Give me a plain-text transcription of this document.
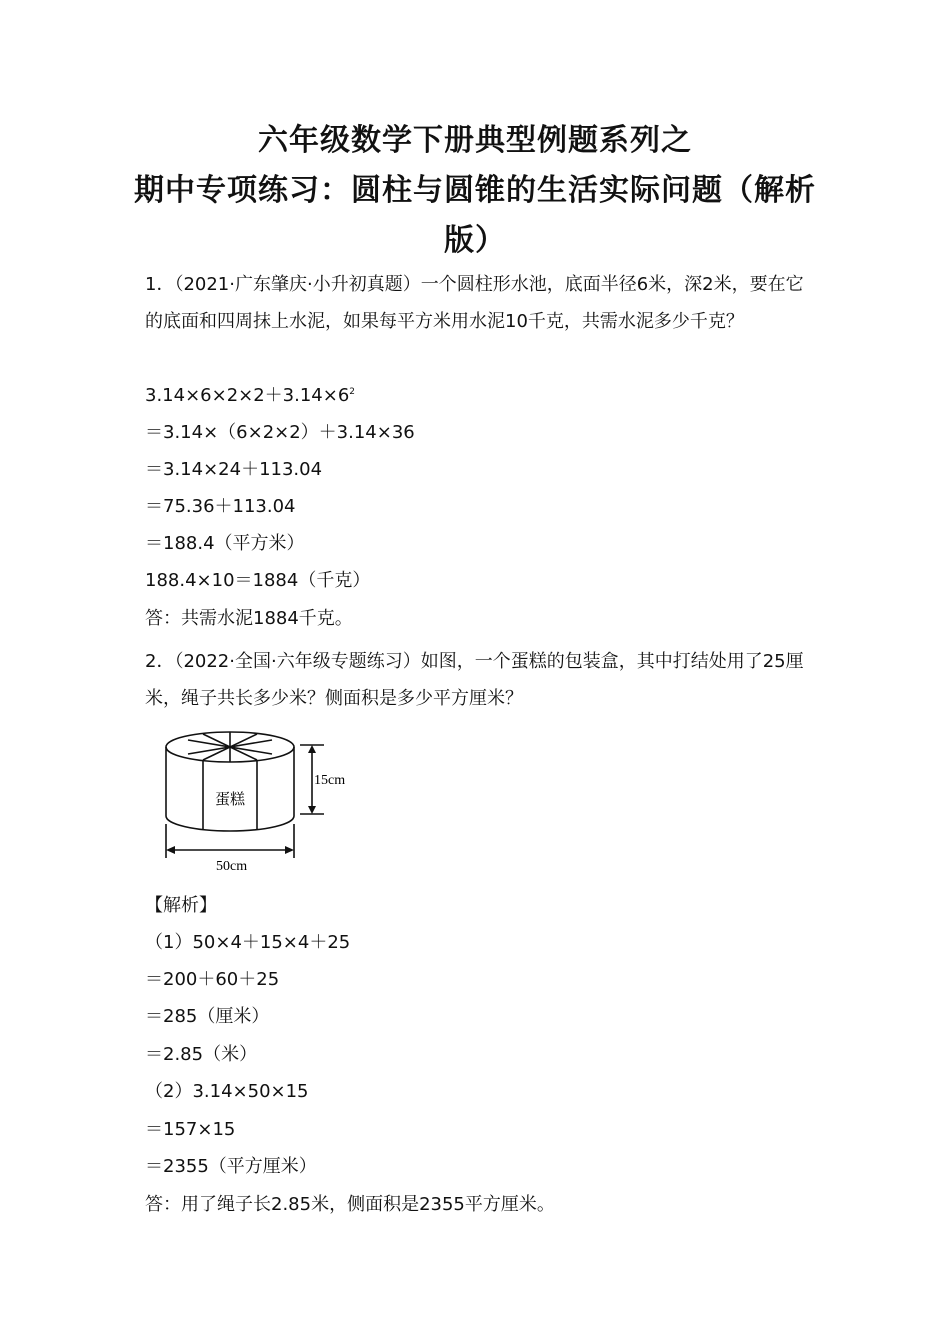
六年级数学下册典型例题系列之
期中专项练习：圆柱与圆锥的生活实际问题（解析
版）
1．（2021·广东肇庆·小升初真题）一个圆柱形水池，底面半径6米，深2米，要在它的底面和四周抹上水泥，如果每平方米用水泥10千克，共需水泥多少千克？
$3.14\times 6\times 2\times 2+3.14\times 6^2$
＝3.14×（6×2×2）＋3.14×36
＝3.14×24＋113.04
＝75.36＋113.04
＝188.4（平方米）
188.4×10＝1884（千克）
答：共需水泥1884千克。
2．（2022·全国·六年级专题练习）如图，一个蛋糕的包装盒，其中打结处用了25厘米，绳子共长多少米？侧面积是多少平方厘米？
蛋糕
15cm
50cm
【解析】
（1）50×4＋15×4＋25
＝200＋60＋25
＝285（厘米）
＝2.85（米）
（2）3.14×50×15
＝157×15
＝2355（平方厘米）
答：用了绳子长2.85米，侧面积是2355平方厘米。
